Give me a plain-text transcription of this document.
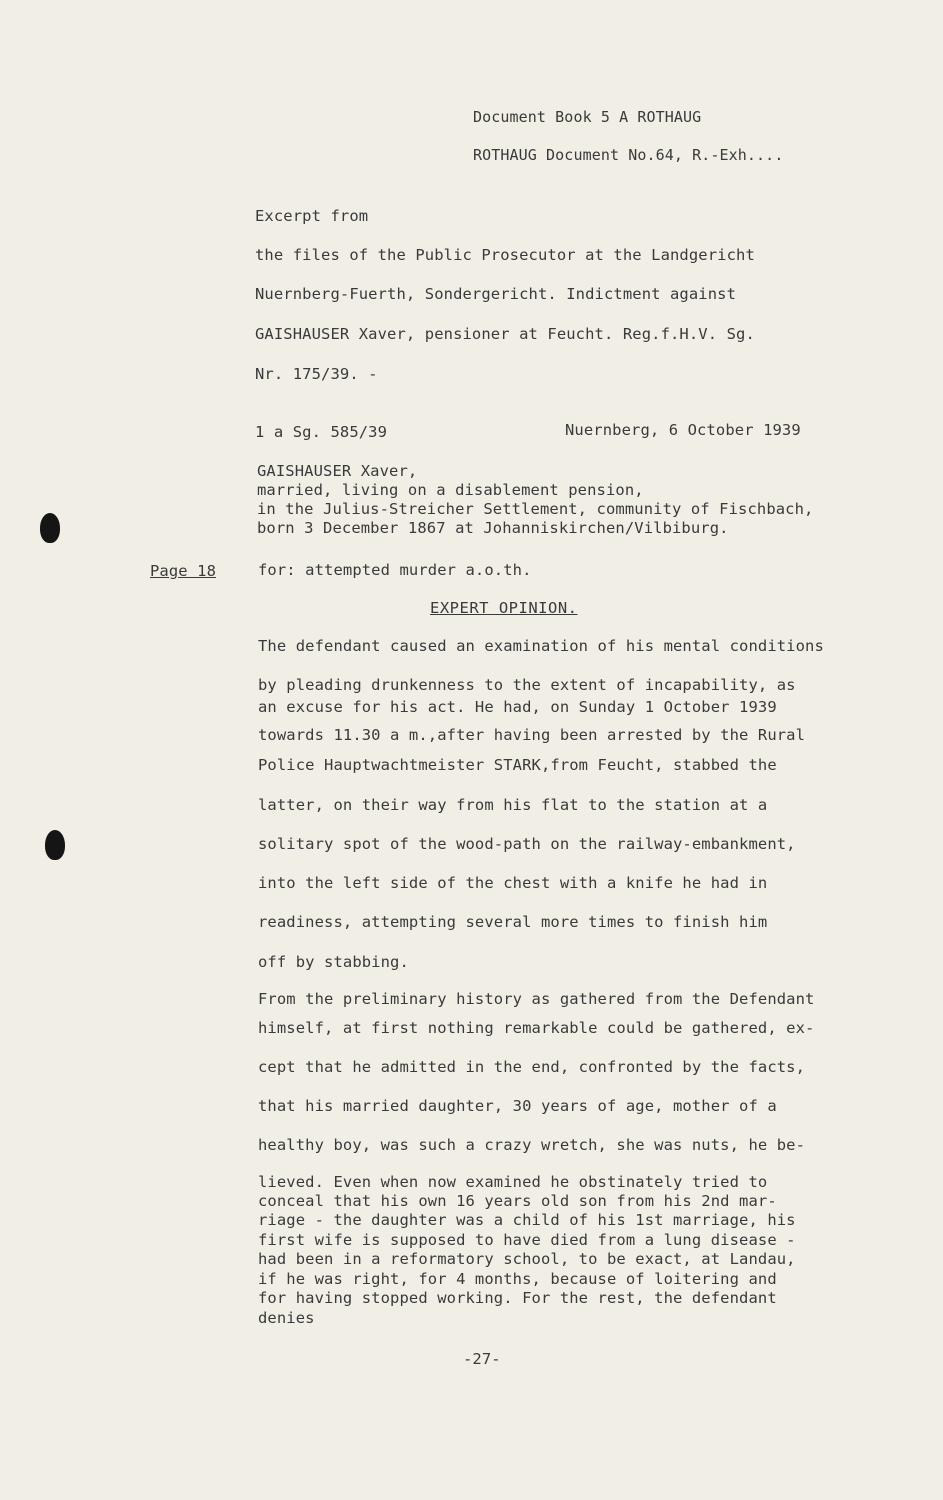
Document Book 5 A ROTHAUG
ROTHAUG Document No.64, R.-Exh....
Excerpt from
the files of the Public Prosecutor at the Landgericht
Nuernberg-Fuerth, Sondergericht. Indictment against
GAISHAUSER Xaver, pensioner at Feucht. Reg.f.H.V. Sg.
Nr. 175/39. -
1 a Sg. 585/39	Nuernberg, 6 October 1939
GAISHAUSER Xaver,
married, living on a disablement pension,
in the Julius-Streicher Settlement, community of Fischbach,
born 3 December 1867 at Johanniskirchen/Vilbiburg.
Page 18	for: attempted murder a.o.th.
EXPERT OPINION.
The defendant caused an examination of his mental conditions
by pleading drunkenness to the extent of incapability, as
an excuse for his act. He had, on Sunday 1 October 1939
towards 11.30 a m.,after having been arrested by the Rural
Police Hauptwachtmeister STARK,from Feucht, stabbed the
latter, on their way from his flat to the station at a
solitary spot of the wood-path on the railway-embankment,
into the left side of the chest with a knife he had in
readiness, attempting several more times to finish him
off by stabbing.
From the preliminary history as gathered from the Defendant
himself, at first nothing remarkable could be gathered, ex-
cept that he admitted in the end, confronted by the facts,
that his married daughter, 30 years of age, mother of a
healthy boy, was such a crazy wretch, she was nuts, he be-
lieved. Even when now examined he obstinately tried to
conceal that his own 16 years old son from his 2nd mar-
riage - the daughter was a child of his 1st marriage, his
first wife is supposed to have died from a lung disease -
had been in a reformatory school, to be exact, at Landau,
if he was right, for 4 months, because of loitering and
for having stopped working. For the rest, the defendant
denies
-27-
